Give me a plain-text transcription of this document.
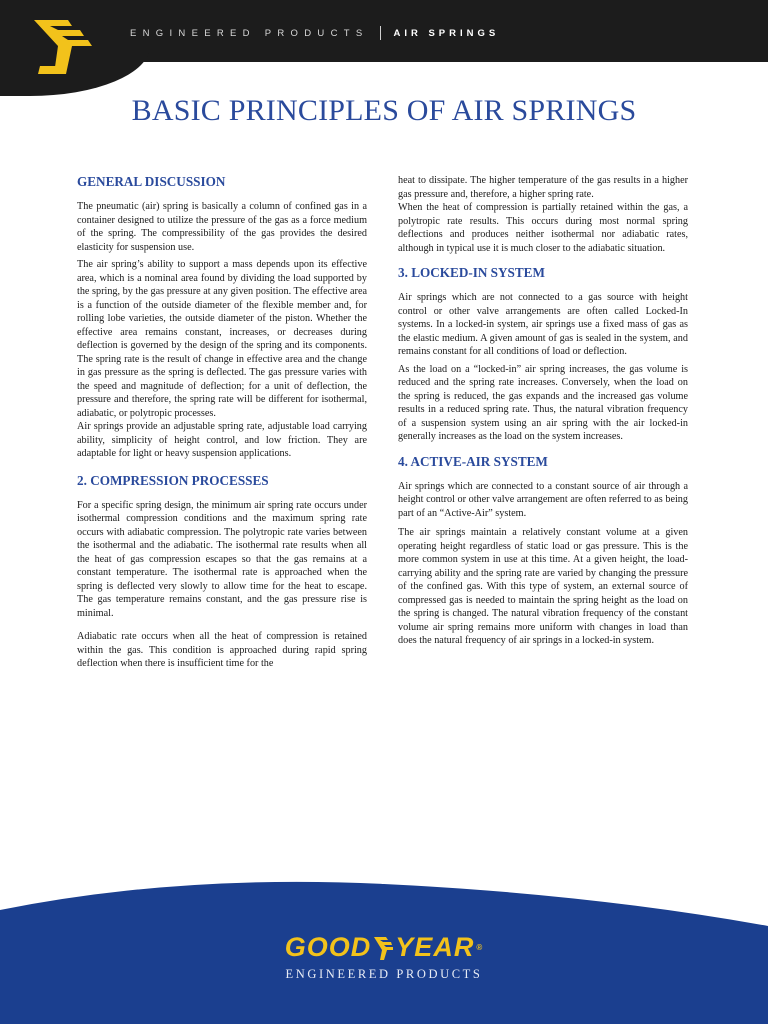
ENGINEERED PRODUCTS	AIR SPRINGS
BASIC PRINCIPLES OF AIR SPRINGS
GENERAL DISCUSSION

The pneumatic (air) spring is basically a column of confined gas in a container designed to utilize the pressure of the gas as a force medium of the spring. The compressibility of the gas provides the desired elasticity for suspension use.

The air spring’s ability to support a mass depends upon its effective area, which is a nominal area found by dividing the load supported by the spring, by the gas pressure at any given position. The effective area is a function of the outside diameter of the flexible member and, for rolling lobe varieties, the outside diameter of the piston. Whether the effective area remains constant, increases, or decreases during deflection is governed by the design of the spring and its components. The spring rate is the result of change in effective area and the change in gas pressure as the spring is deflected. The gas pressure varies with the speed and magnitude of deflection; for a unit of deflection, the pressure and therefore, the spring rate will be different for isothermal, adiabatic, or polytropic processes.

Air springs provide an adjustable spring rate, adjustable load carrying ability, simplicity of height control, and low friction. They are adaptable for light or heavy suspension applications.

2. COMPRESSION PROCESSES

For a specific spring design, the minimum air spring rate occurs under isothermal compression conditions and the maximum spring rate occurs with adiabatic compression. The polytropic rate varies between the isothermal and the adiabatic. The isothermal rate results when all the heat of gas compression escapes so that the gas remains at a constant temperature. The isothermal rate is approached when the spring is deflected very slowly to allow time for the heat to escape. The gas temperature remains constant, and the gas pressure rise is minimal.

Adiabatic rate occurs when all the heat of compression is retained within the gas. This condition is approached during rapid spring deflection when there is insufficient time for the

heat to dissipate. The higher temperature of the gas results in a higher gas pressure and, therefore, a higher spring rate.

When the heat of compression is partially retained within the gas, a polytropic rate results. This occurs during most normal spring deflections and produces neither isothermal nor adiabatic rates, although in typical use it is much closer to the adiabatic situation.

3. LOCKED-IN SYSTEM

Air springs which are not connected to a gas source with height control or other valve arrangements are often called Locked-In systems. In a locked-in system, air springs use a fixed mass of gas as the elastic medium. A given amount of gas is sealed in the system, and remains constant for all conditions of load or deflection.

As the load on a “locked-in” air spring increases, the gas volume is reduced and the spring rate increases. Conversely, when the load on the spring is reduced, the gas expands and the increased gas volume results in a reduced spring rate. Thus, the natural vibration frequency of a suspension system using an air spring with the air locked-in generally increases as the load on the system increases.

4. ACTIVE-AIR SYSTEM

Air springs which are connected to a constant source of air through a height control or other valve arrangement are often referred to as being part of an “Active-Air” system.

The air springs maintain a relatively constant volume at a given operating height regardless of static load or gas pressure. This is the more common system in use at this time. At a given height, the load-carrying ability and the spring rate are varied by changing the pressure of the confined gas. With this type of system, an external source of compressed gas is needed to maintain the spring height as the load on the spring is changed. The natural vibration frequency of the constant volume air spring remains more uniform with changes in load than does the natural frequency of air springs in a locked-in system.

GOOD YEAR ®
ENGINEERED PRODUCTS
